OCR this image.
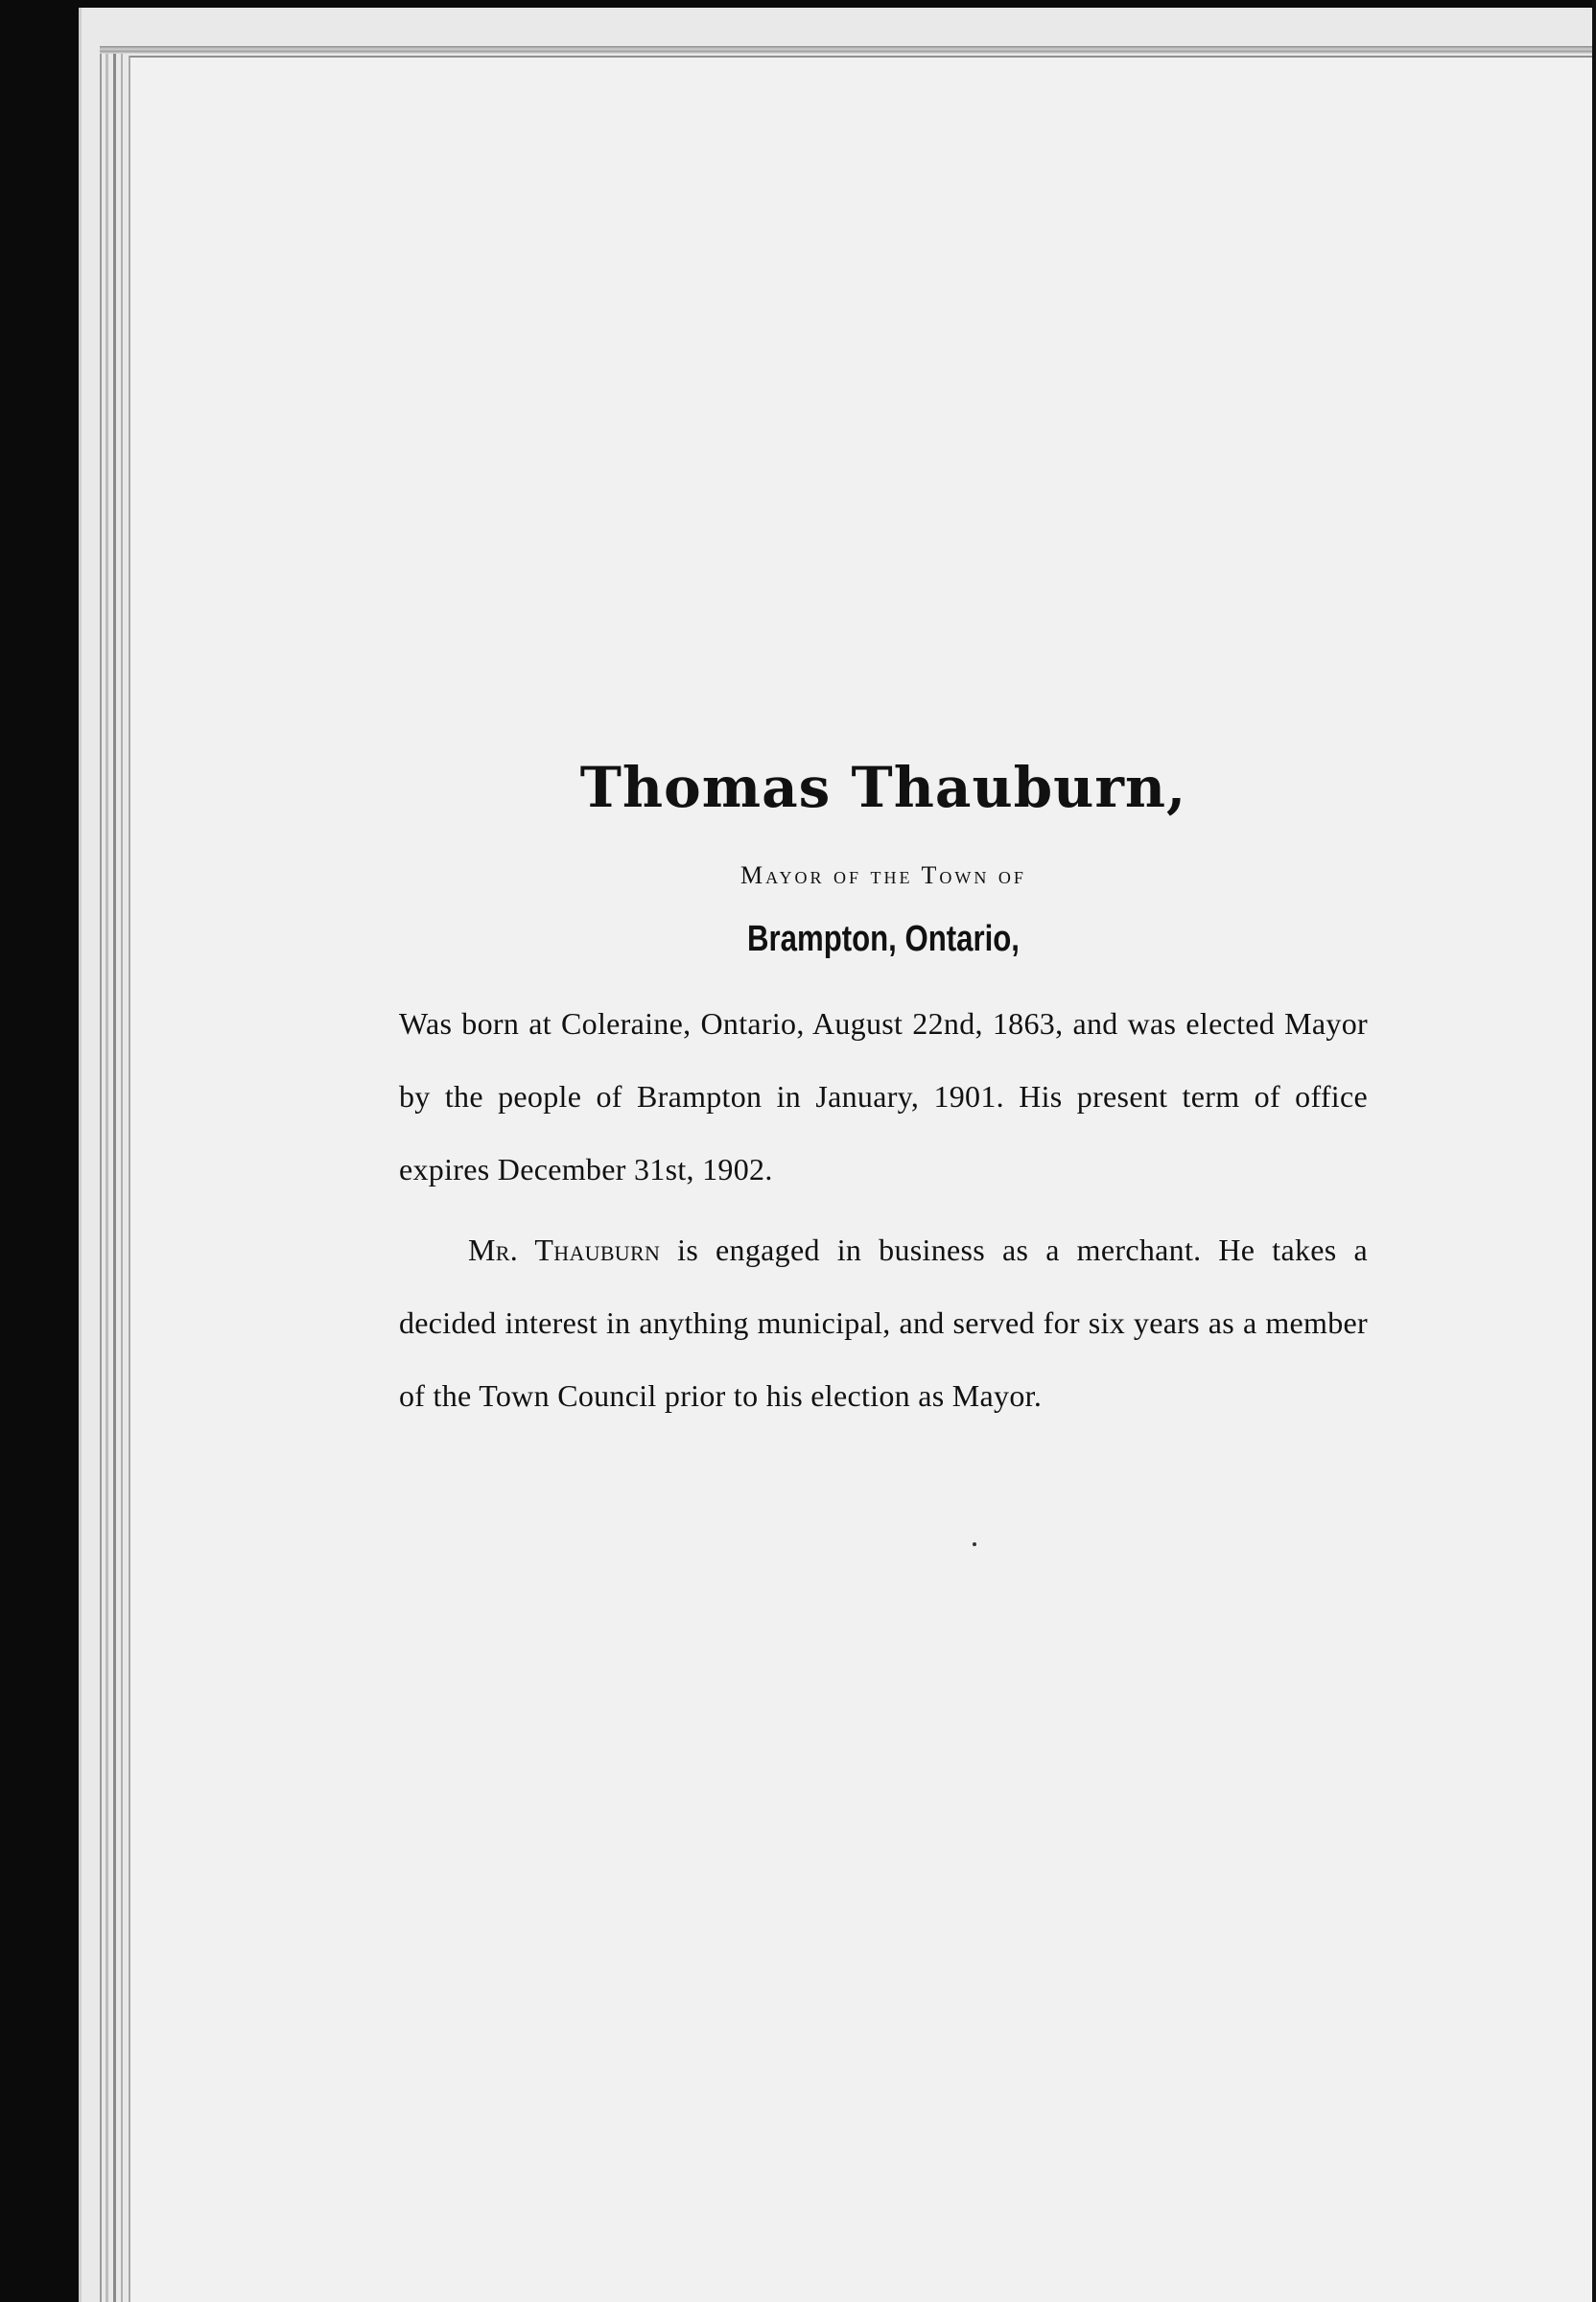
Thomas Thauburn,

Mayor of the Town of

Brampton, Ontario,

Was born at Coleraine, Ontario, August 22nd, 1863, and was elected Mayor by the people of Brampton in January, 1901. His present term of office expires December 31st, 1902.

Mr. Thauburn is engaged in business as a merchant. He takes a decided interest in anything municipal, and served for six years as a member of the Town Council prior to his election as Mayor.
